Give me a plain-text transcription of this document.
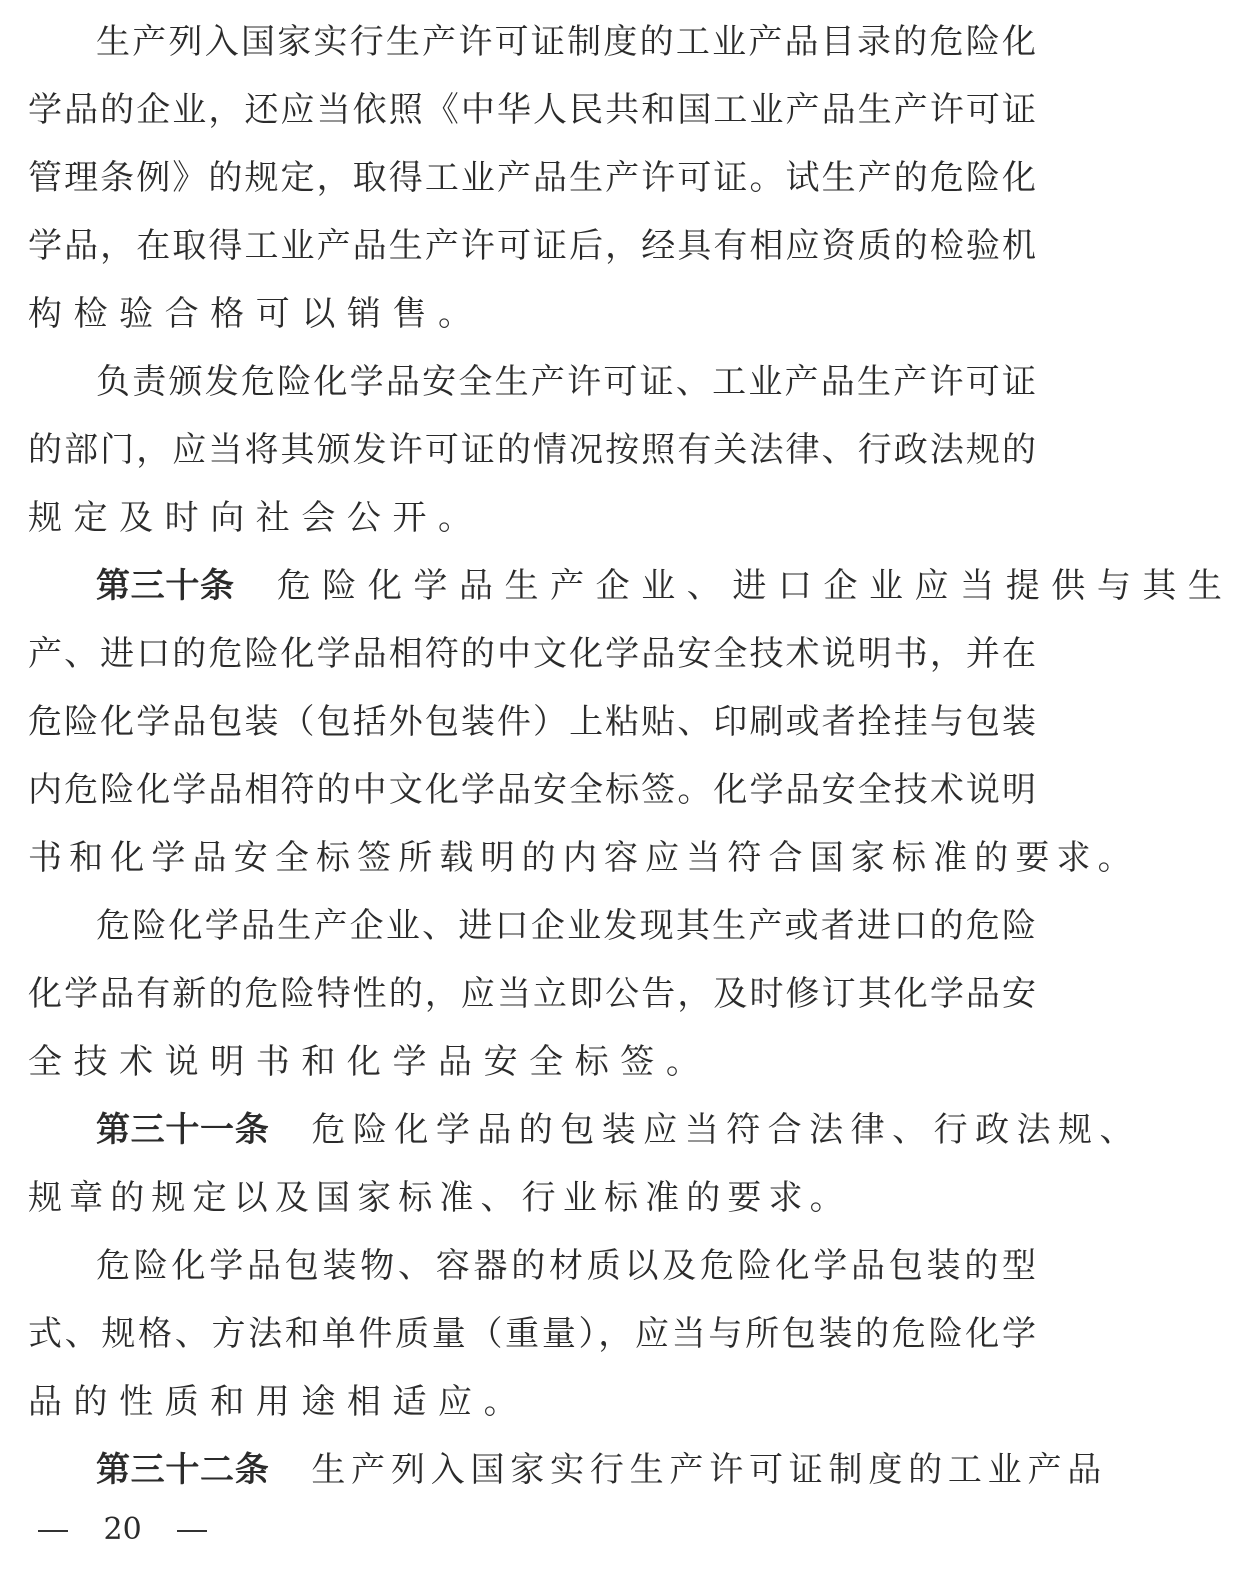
生产列入国家实行生产许可证制度的工业产品目录的危险化
学品的企业，还应当依照《中华人民共和国工业产品生产许可证
管理条例》的规定，取得工业产品生产许可证。试生产的危险化
学品，在取得工业产品生产许可证后，经具有相应资质的检验机
构检验合格可以销售。
负责颁发危险化学品安全生产许可证、工业产品生产许可证
的部门，应当将其颁发许可证的情况按照有关法律、行政法规的
规定及时向社会公开。
第三十条 危险化学品生产企业、进口企业应当提供与其生
产、进口的危险化学品相符的中文化学品安全技术说明书，并在
危险化学品包装（包括外包装件）上粘贴、印刷或者拴挂与包装
内危险化学品相符的中文化学品安全标签。化学品安全技术说明
书和化学品安全标签所载明的内容应当符合国家标准的要求。
危险化学品生产企业、进口企业发现其生产或者进口的危险
化学品有新的危险特性的，应当立即公告，及时修订其化学品安
全技术说明书和化学品安全标签。
第三十一条 危险化学品的包装应当符合法律、行政法规、
规章的规定以及国家标准、行业标准的要求。
危险化学品包装物、容器的材质以及危险化学品包装的型
式、规格、方法和单件质量（重量），应当与所包装的危险化学
品的性质和用途相适应。
第三十二条 生产列入国家实行生产许可证制度的工业产品
20
